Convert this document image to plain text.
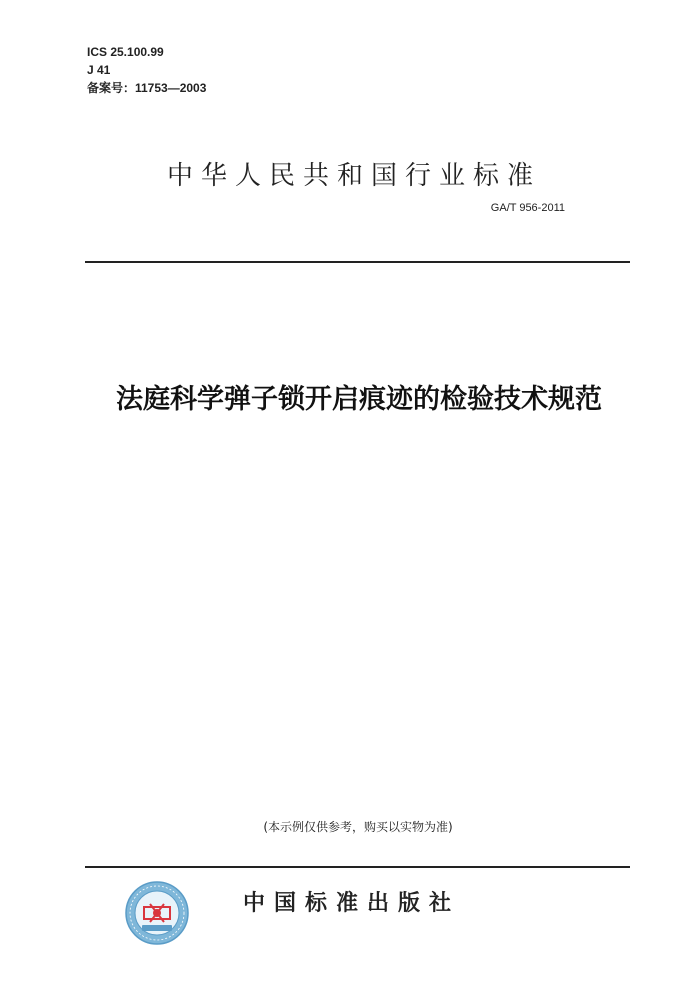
ICS 25.100.99
J 41
备案号：11753—2003
中华人民共和国行业标准
GA/T 956-2011
法庭科学弹子锁开启痕迹的检验技术规范
(本示例仅供参考，购买以实物为准)
中国标准出版社
